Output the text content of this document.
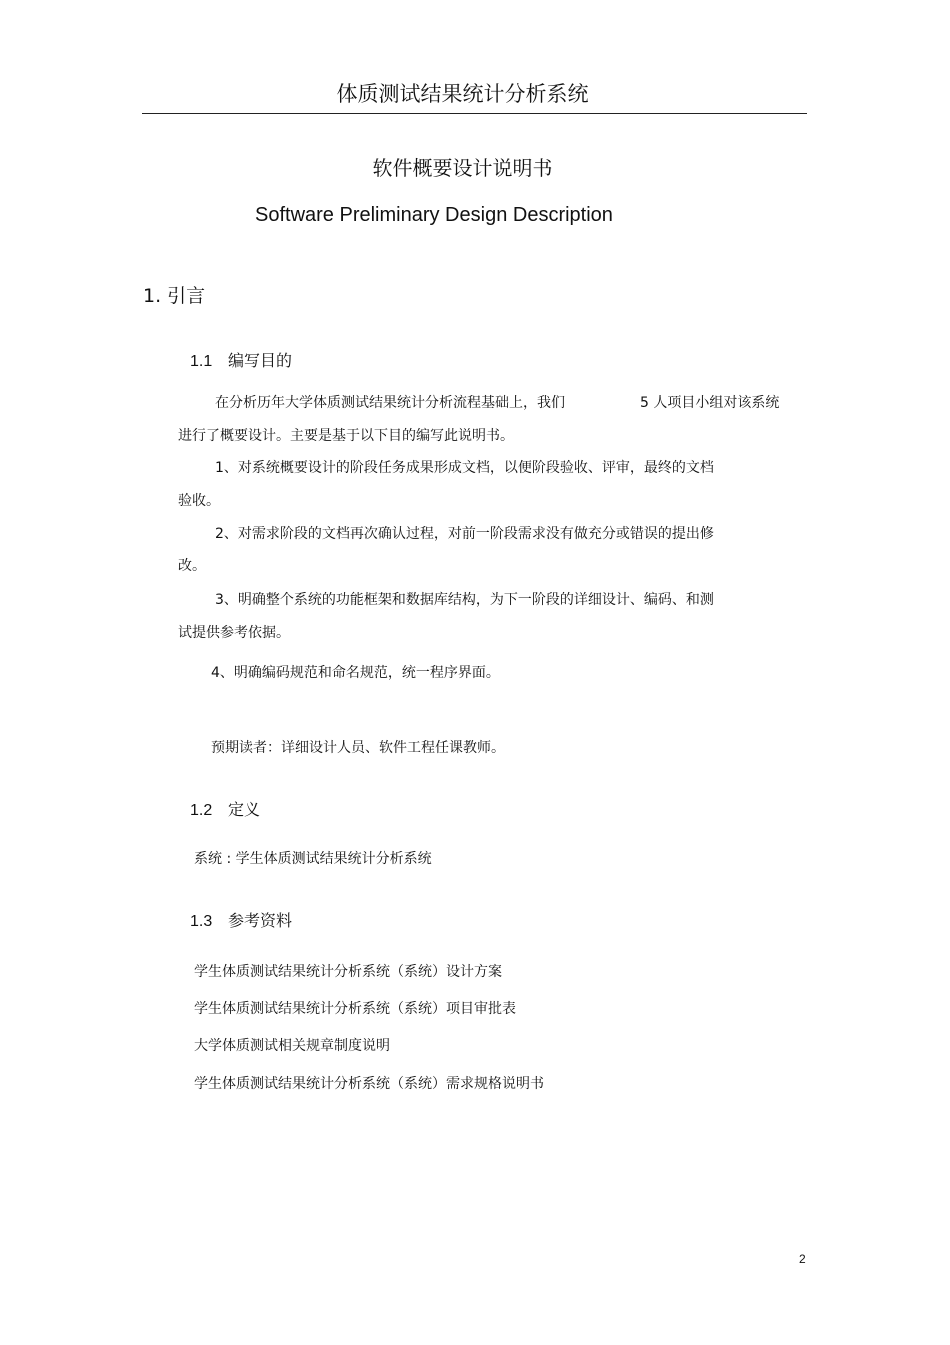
体质测试结果统计分析系统
软件概要设计说明书
Software Preliminary Design Description
1. 引言
1.1 编写目的
在分析历年大学体质测试结果统计分析流程基础上，我们	5 人项目小组对该系统
进行了概要设计。主要是基于以下目的编写此说明书。
1、对系统概要设计的阶段任务成果形成文档，以便阶段验收、评审，最终的文档
验收。
2、对需求阶段的文档再次确认过程，对前一阶段需求没有做充分或错误的提出修
改。
3、明确整个系统的功能框架和数据库结构，为下一阶段的详细设计、编码、和测
试提供参考依据。
4、明确编码规范和命名规范，统一程序界面。
预期读者：详细设计人员、软件工程任课教师。
1.2 定义
系统 : 学生体质测试结果统计分析系统
1.3 参考资料
学生体质测试结果统计分析系统（系统）设计方案
学生体质测试结果统计分析系统（系统）项目审批表
大学体质测试相关规章制度说明
学生体质测试结果统计分析系统（系统）需求规格说明书
2
